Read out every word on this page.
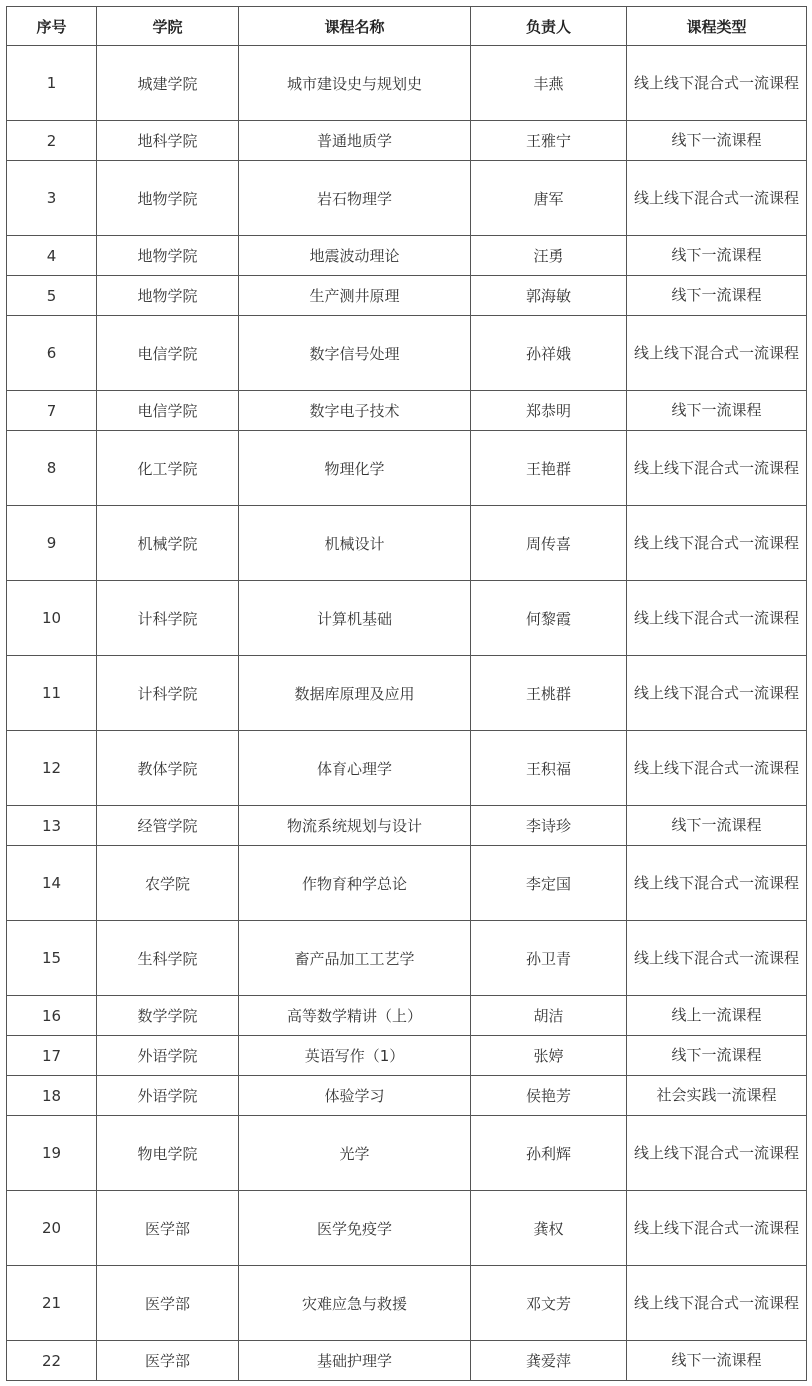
序号	学院	课程名称	负责人	课程类型
1	城建学院	城市建设史与规划史	丰燕	线上线下混合式一流课程
2	地科学院	普通地质学	王雅宁	线下一流课程
3	地物学院	岩石物理学	唐军	线上线下混合式一流课程
4	地物学院	地震波动理论	汪勇	线下一流课程
5	地物学院	生产测井原理	郭海敏	线下一流课程
6	电信学院	数字信号处理	孙祥娥	线上线下混合式一流课程
7	电信学院	数字电子技术	郑恭明	线下一流课程
8	化工学院	物理化学	王艳群	线上线下混合式一流课程
9	机械学院	机械设计	周传喜	线上线下混合式一流课程
10	计科学院	计算机基础	何黎霞	线上线下混合式一流课程
11	计科学院	数据库原理及应用	王桃群	线上线下混合式一流课程
12	教体学院	体育心理学	王积福	线上线下混合式一流课程
13	经管学院	物流系统规划与设计	李诗珍	线下一流课程
14	农学院	作物育种学总论	李定国	线上线下混合式一流课程
15	生科学院	畜产品加工工艺学	孙卫青	线上线下混合式一流课程
16	数学学院	高等数学精讲（上）	胡洁	线上一流课程
17	外语学院	英语写作（1）	张婷	线下一流课程
18	外语学院	体验学习	侯艳芳	社会实践一流课程
19	物电学院	光学	孙利辉	线上线下混合式一流课程
20	医学部	医学免疫学	龚权	线上线下混合式一流课程
21	医学部	灾难应急与救援	邓文芳	线上线下混合式一流课程
22	医学部	基础护理学	龚爱萍	线下一流课程
